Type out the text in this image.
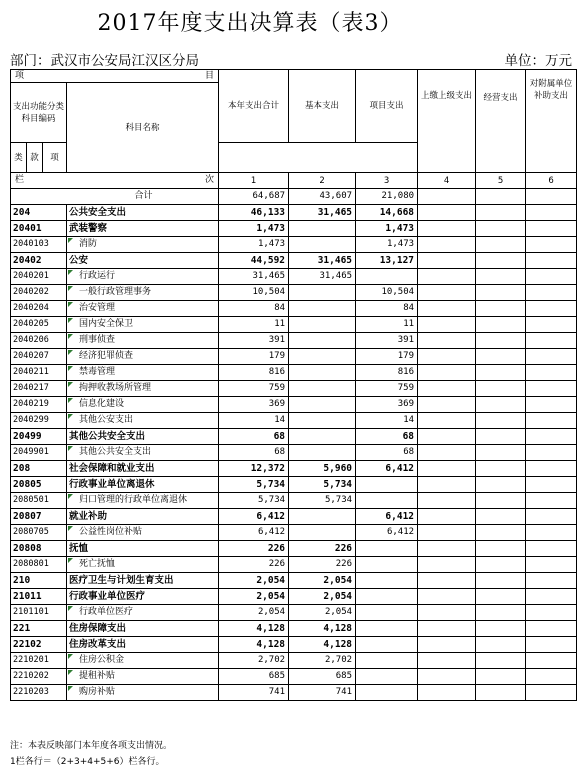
2017年度支出决算表（表3）
部门：武汉市公安局江汉区分局	单位：万元
项 目				本年支出合计	基本支出	项目支出	上缴上级支出	经营支出	对附属单位补助支出
支出功能分类科目编码			科目名称						
类	款	项							

栏 次				1	2	3	4	5	6
合计				64,687	43,607	21,080			
204			公共安全支出	46,133	31,465	14,668			
20401			武装警察	1,473		1,473			
2040103			消防	1,473		1,473			
20402			公安	44,592	31,465	13,127			
2040201			行政运行	31,465	31,465				
2040202			一般行政管理事务	10,504		10,504			
2040204			治安管理	84		84			
2040205			国内安全保卫	11		11			
2040206			刑事侦查	391		391			
2040207			经济犯罪侦查	179		179			
2040211			禁毒管理	816		816			
2040217			拘押收教场所管理	759		759			
2040219			信息化建设	369		369			
2040299			其他公安支出	14		14			
20499			其他公共安全支出	68		68			
2049901			其他公共安全支出	68		68			
208			社会保障和就业支出	12,372	5,960	6,412			
20805			行政事业单位离退休	5,734	5,734				
2080501			归口管理的行政单位离退休	5,734	5,734				
20807			就业补助	6,412		6,412			
2080705			公益性岗位补贴	6,412		6,412			
20808			抚恤	226	226				
2080801			死亡抚恤	226	226				
210			医疗卫生与计划生育支出	2,054	2,054				
21011			行政事业单位医疗	2,054	2,054				
2101101			行政单位医疗	2,054	2,054				
221			住房保障支出	4,128	4,128				
22102			住房改革支出	4,128	4,128				
2210201			住房公积金	2,702	2,702				
2210202			提租补贴	685	685				
2210203			购房补贴	741	741				
注：本表反映部门本年度各项支出情况。
1栏各行＝（2+3+4+5+6）栏各行。
